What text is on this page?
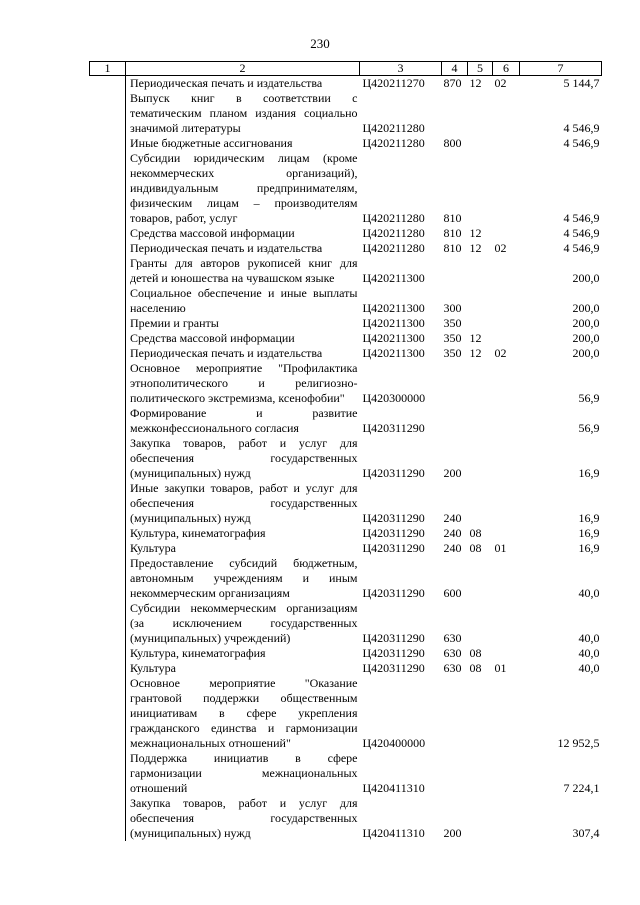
230
1	2	3	4	5	6	7
	Периодическая печать и издательства	Ц420211270	870	12	02	5 144,7
	Выпуск книг в соответствии с тематическим планом издания социально значимой литературы	Ц420211280				4 546,9
	Иные бюджетные ассигнования	Ц420211280	800			4 546,9
	Субсидии юридическим лицам (кроме некоммерческих организаций), индивидуальным предпринимателям, физическим лицам – производителям товаров, работ, услуг	Ц420211280	810			4 546,9
	Средства массовой информации	Ц420211280	810	12		4 546,9
	Периодическая печать и издательства	Ц420211280	810	12	02	4 546,9
	Гранты для авторов рукописей книг для детей и юношества на чувашском языке	Ц420211300				200,0
	Социальное обеспечение и иные выплаты населению	Ц420211300	300			200,0
	Премии и гранты	Ц420211300	350			200,0
	Средства массовой информации	Ц420211300	350	12		200,0
	Периодическая печать и издательства	Ц420211300	350	12	02	200,0
	Основное мероприятие "Профилактика этнополитического и религиозно-политического экстремизма, ксенофобии"	Ц420300000				56,9
	Формирование и развитие межконфессионального согласия	Ц420311290				56,9
	Закупка товаров, работ и услуг для обеспечения государственных (муниципальных) нужд	Ц420311290	200			16,9
	Иные закупки товаров, работ и услуг для обеспечения государственных (муниципальных) нужд	Ц420311290	240			16,9
	Культура, кинематография	Ц420311290	240	08		16,9
	Культура	Ц420311290	240	08	01	16,9
	Предоставление субсидий бюджетным, автономным учреждениям и иным некоммерческим организациям	Ц420311290	600			40,0
	Субсидии некоммерческим организациям (за исключением государственных (муниципальных) учреждений)	Ц420311290	630			40,0
	Культура, кинематография	Ц420311290	630	08		40,0
	Культура	Ц420311290	630	08	01	40,0
	Основное мероприятие "Оказание грантовой поддержки общественным инициативам в сфере укрепления гражданского единства и гармонизации межнациональных отношений"	Ц420400000				12 952,5
	Поддержка инициатив в сфере гармонизации межнациональных отношений	Ц420411310				7 224,1
	Закупка товаров, работ и услуг для обеспечения государственных (муниципальных) нужд	Ц420411310	200			307,4
